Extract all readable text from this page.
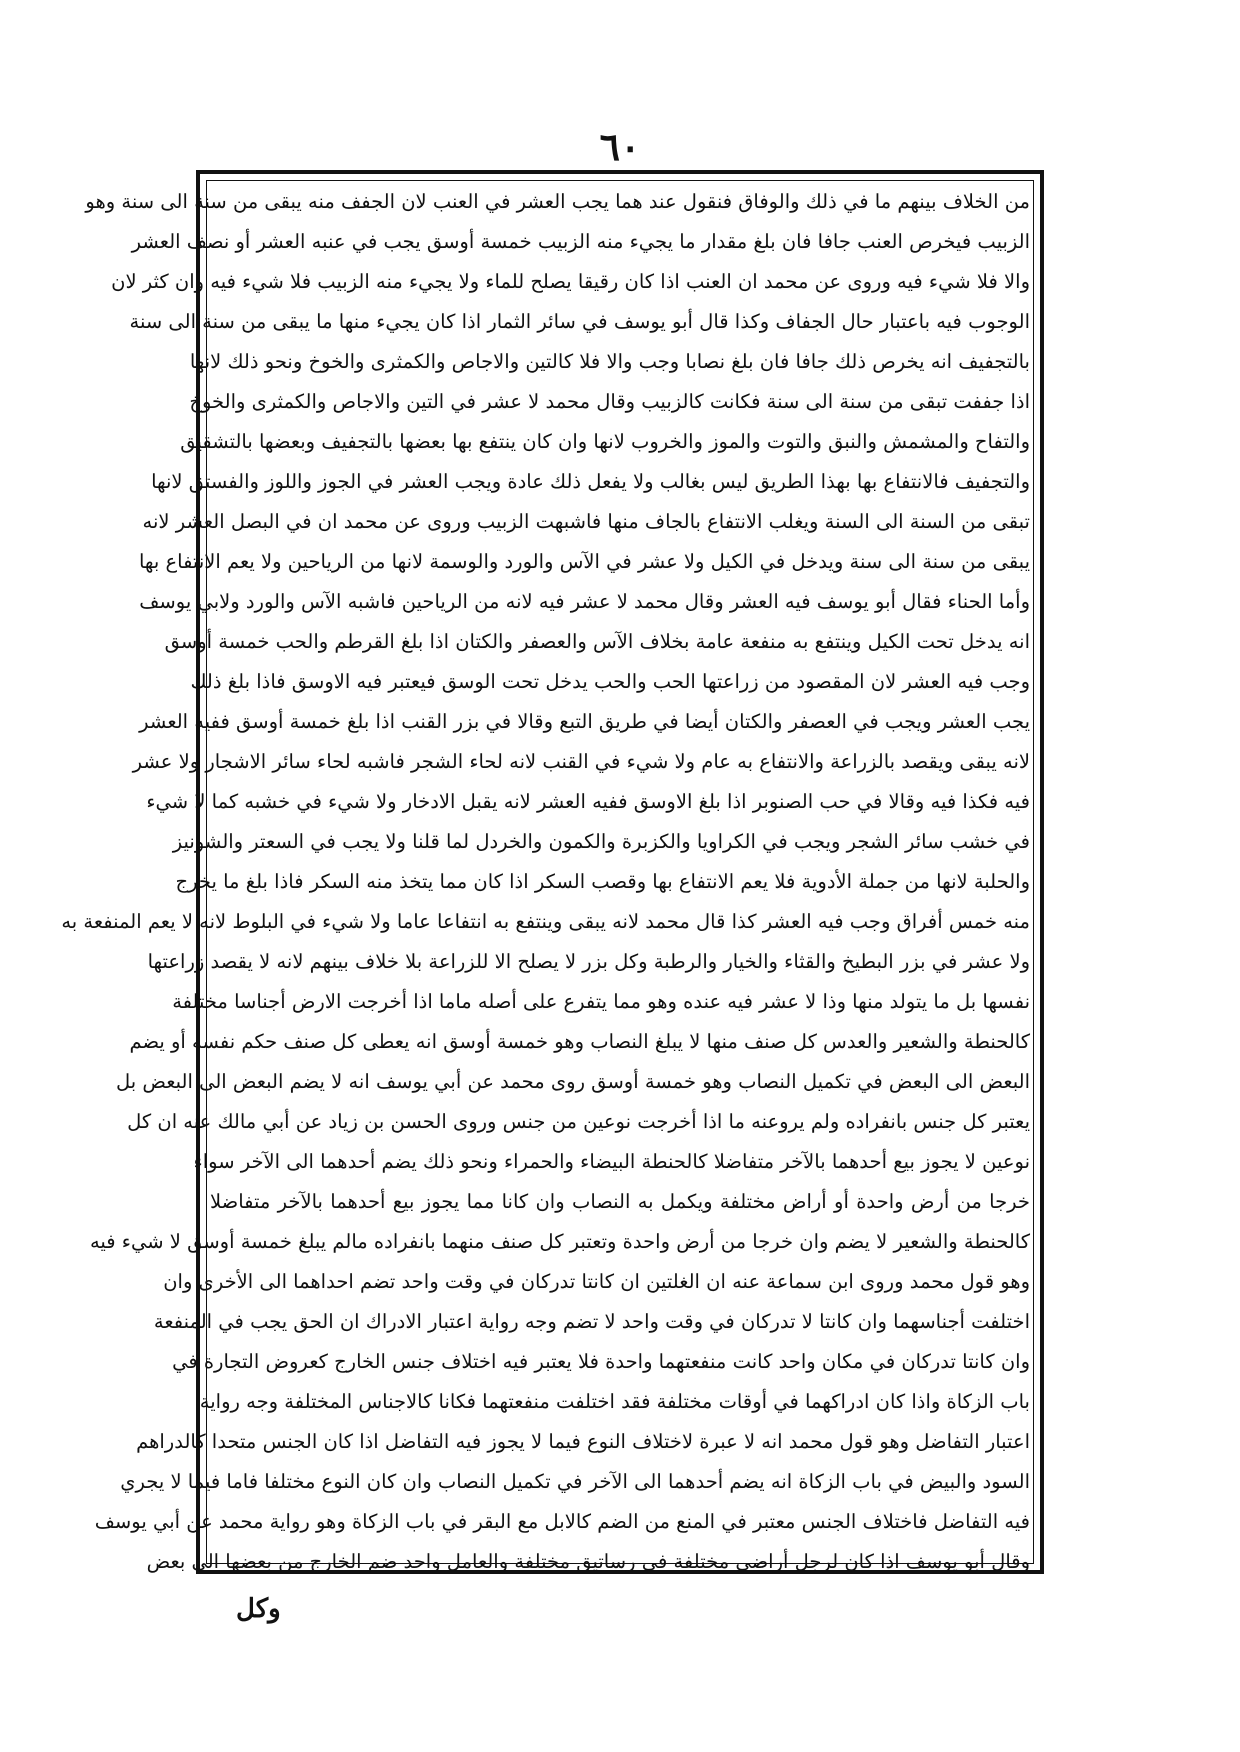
٦٠
من الخلاف بينهم ما في ذلك والوفاق فنقول عند هما يجب العشر في العنب لان الجفف منه يبقى من سنة الى سنة وهو
الزبيب فيخرص العنب جافا فان بلغ مقدار ما يجيء منه الزبيب خمسة أوسق يجب في عنبه العشر أو نصف العشر
والا فلا شيء فيه وروى عن محمد ان العنب اذا كان رقيقا يصلح للماء ولا يجيء منه الزبيب فلا شيء فيه وان كثر لان
الوجوب فيه باعتبار حال الجفاف وكذا قال أبو يوسف في سائر الثمار اذا كان يجيء منها ما يبقى من سنة الى سنة
بالتجفيف انه يخرص ذلك جافا فان بلغ نصابا وجب والا فلا كالتين والاجاص والكمثرى والخوخ ونحو ذلك لانها
اذا جففت تبقى من سنة الى سنة فكانت كالزبيب وقال محمد لا عشر في التين والاجاص والكمثرى والخوخ
والتفاح والمشمش والنبق والتوت والموز والخروب لانها وان كان ينتفع بها بعضها بالتجفيف وبعضها بالتشقيق
والتجفيف فالانتفاع بها بهذا الطريق ليس بغالب ولا يفعل ذلك عادة ويجب العشر في الجوز واللوز والفستق لانها
تبقى من السنة الى السنة ويغلب الانتفاع بالجاف منها فاشبهت الزبيب وروى عن محمد ان في البصل العشر لانه
يبقى من سنة الى سنة ويدخل في الكيل ولا عشر في الآس والورد والوسمة لانها من الرياحين ولا يعم الانتفاع بها
وأما الحناء فقال أبو يوسف فيه العشر وقال محمد لا عشر فيه لانه من الرياحين فاشبه الآس والورد ولابي يوسف
انه يدخل تحت الكيل وينتفع به منفعة عامة بخلاف الآس والعصفر والكتان اذا بلغ القرطم والحب خمسة أوسق
وجب فيه العشر لان المقصود من زراعتها الحب والحب يدخل تحت الوسق فيعتبر فيه الاوسق فاذا بلغ ذلك
يجب العشر ويجب في العصفر والكتان أيضا في طريق التبع وقالا في بزر القنب اذا بلغ خمسة أوسق ففيه العشر
لانه يبقى ويقصد بالزراعة والانتفاع به عام ولا شيء في القنب لانه لحاء الشجر فاشبه لحاء سائر الاشجار ولا عشر
فيه فكذا فيه وقالا في حب الصنوبر اذا بلغ الاوسق ففيه العشر لانه يقبل الادخار ولا شيء في خشبه كما لا شيء
في خشب سائر الشجر ويجب في الكراويا والكزبرة والكمون والخردل لما قلنا ولا يجب في السعتر والشونيز
والحلبة لانها من جملة الأدوية فلا يعم الانتفاع بها وقصب السكر اذا كان مما يتخذ منه السكر فاذا بلغ ما يخرج
منه خمس أفراق وجب فيه العشر كذا قال محمد لانه يبقى وينتفع به انتفاعا عاما ولا شيء في البلوط لانه لا يعم المنفعة به
ولا عشر في بزر البطيخ والقثاء والخيار والرطبة وكل بزر لا يصلح الا للزراعة بلا خلاف بينهم لانه لا يقصد زراعتها
نفسها بل ما يتولد منها وذا لا عشر فيه عنده وهو مما يتفرع على أصله ماما اذا أخرجت الارض أجناسا مختلفة
كالحنطة والشعير والعدس كل صنف منها لا يبلغ النصاب وهو خمسة أوسق انه يعطى كل صنف حكم نفسه أو يضم
البعض الى البعض في تكميل النصاب وهو خمسة أوسق روى محمد عن أبي يوسف انه لا يضم البعض الى البعض بل
يعتبر كل جنس بانفراده ولم يروعنه ما اذا أخرجت نوعين من جنس وروى الحسن بن زياد عن أبي مالك عنه ان كل
نوعين لا يجوز بيع أحدهما بالآخر متفاضلا كالحنطة البيضاء والحمراء ونحو ذلك يضم أحدهما الى الآخر سواء
خرجا من أرض واحدة أو أراض مختلفة ويكمل به النصاب وان كانا مما يجوز بيع أحدهما بالآخر متفاضلا
كالحنطة والشعير لا يضم وان خرجا من أرض واحدة وتعتبر كل صنف منهما بانفراده مالم يبلغ خمسة أوسق لا شيء فيه
وهو قول محمد وروى ابن سماعة عنه ان الغلتين ان كانتا تدركان في وقت واحد تضم احداهما الى الأخرى وان
اختلفت أجناسهما وان كانتا لا تدركان في وقت واحد لا تضم وجه رواية اعتبار الادراك ان الحق يجب في المنفعة
وان كانتا تدركان في مكان واحد كانت منفعتهما واحدة فلا يعتبر فيه اختلاف جنس الخارج كعروض التجارة في
باب الزكاة واذا كان ادراكهما في أوقات مختلفة فقد اختلفت منفعتهما فكانا كالاجناس المختلفة وجه رواية
اعتبار التفاضل وهو قول محمد انه لا عبرة لاختلاف النوع فيما لا يجوز فيه التفاضل اذا كان الجنس متحدا كالدراهم
السود والبيض في باب الزكاة انه يضم أحدهما الى الآخر في تكميل النصاب وان كان النوع مختلفا فاما فيما لا يجري
فيه التفاضل فاختلاف الجنس معتبر في المنع من الضم كالابل مع البقر في باب الزكاة وهو رواية محمد عن أبي يوسف
وقال أبو يوسف اذا كان لرجل أراضي مختلفة في رساتيق مختلفة والعامل واحد ضم الخارج من بعضها الى بعض
وكل
